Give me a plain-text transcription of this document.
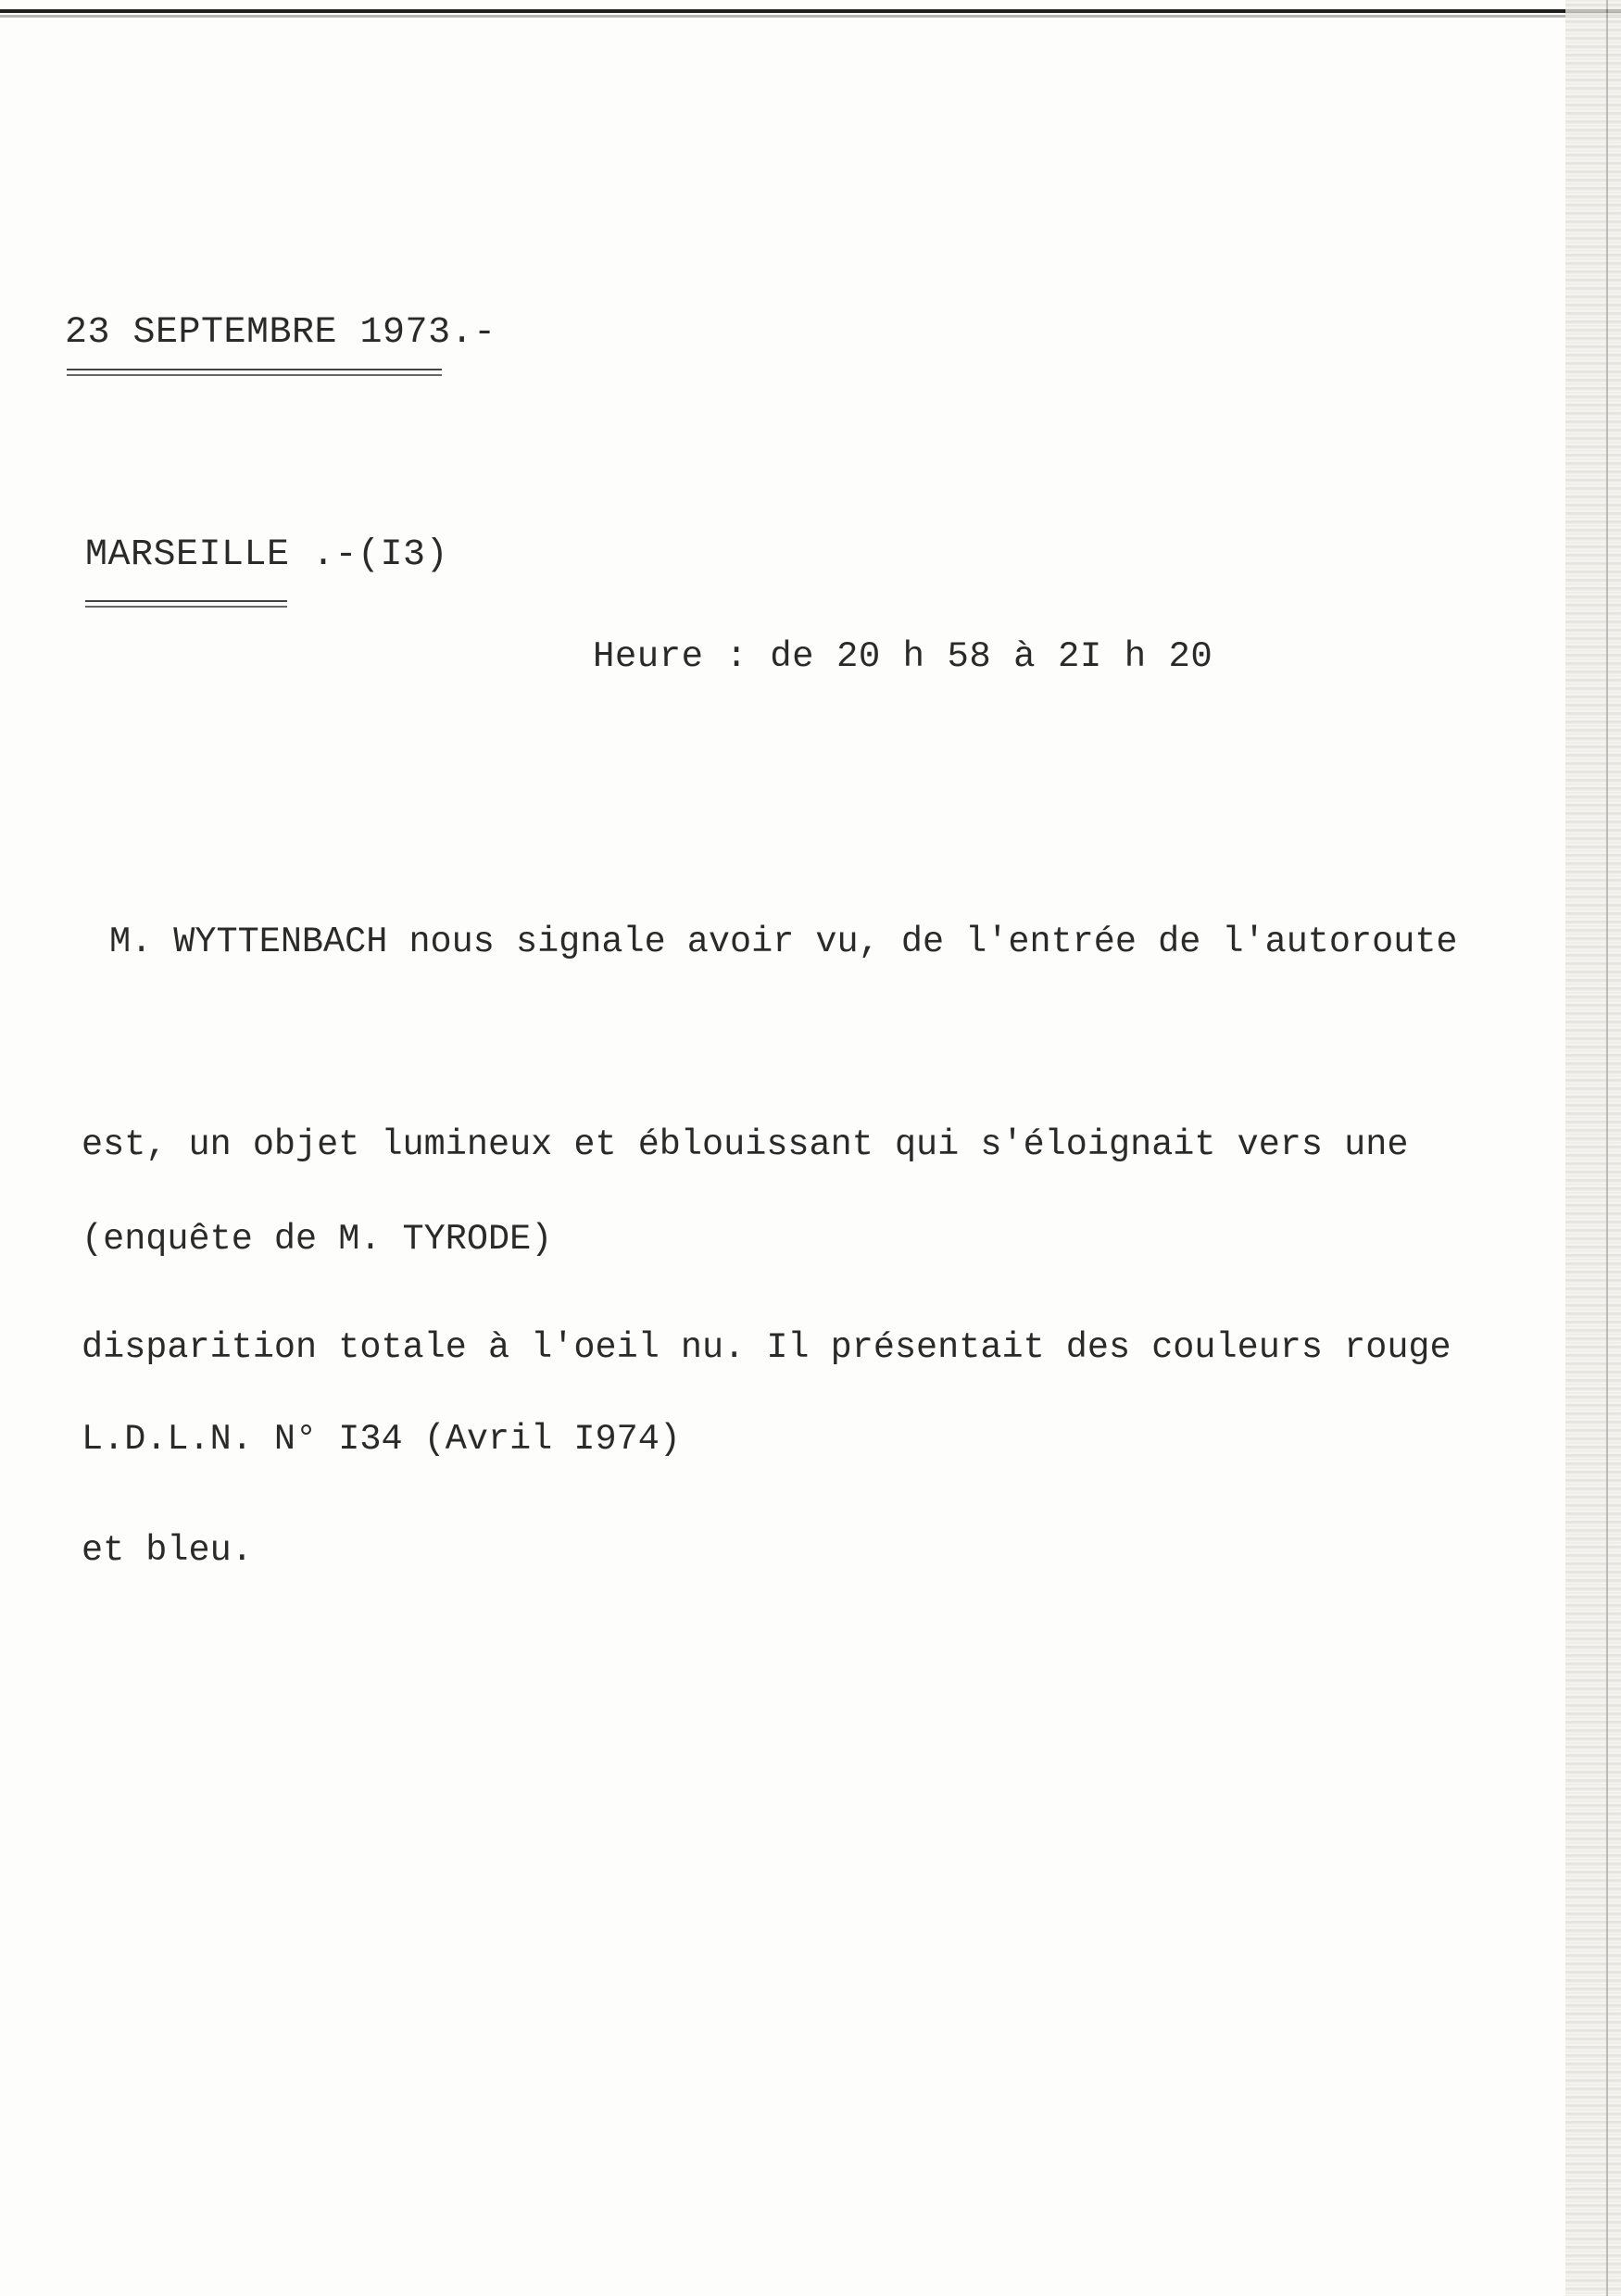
23 SEPTEMBRE 1973.-
MARSEILLE .-(I3)
Heure : de 20 h 58 à 2I h 20

M. WYTTENBACH nous signale avoir vu, de l'entrée de l'autoroute

est, un objet lumineux et éblouissant qui s'éloignait vers une

disparition totale à l'oeil nu. Il présentait des couleurs rouge

et bleu.

(enquête de M. TYRODE)

L.D.L.N. N° I34 (Avril I974)
